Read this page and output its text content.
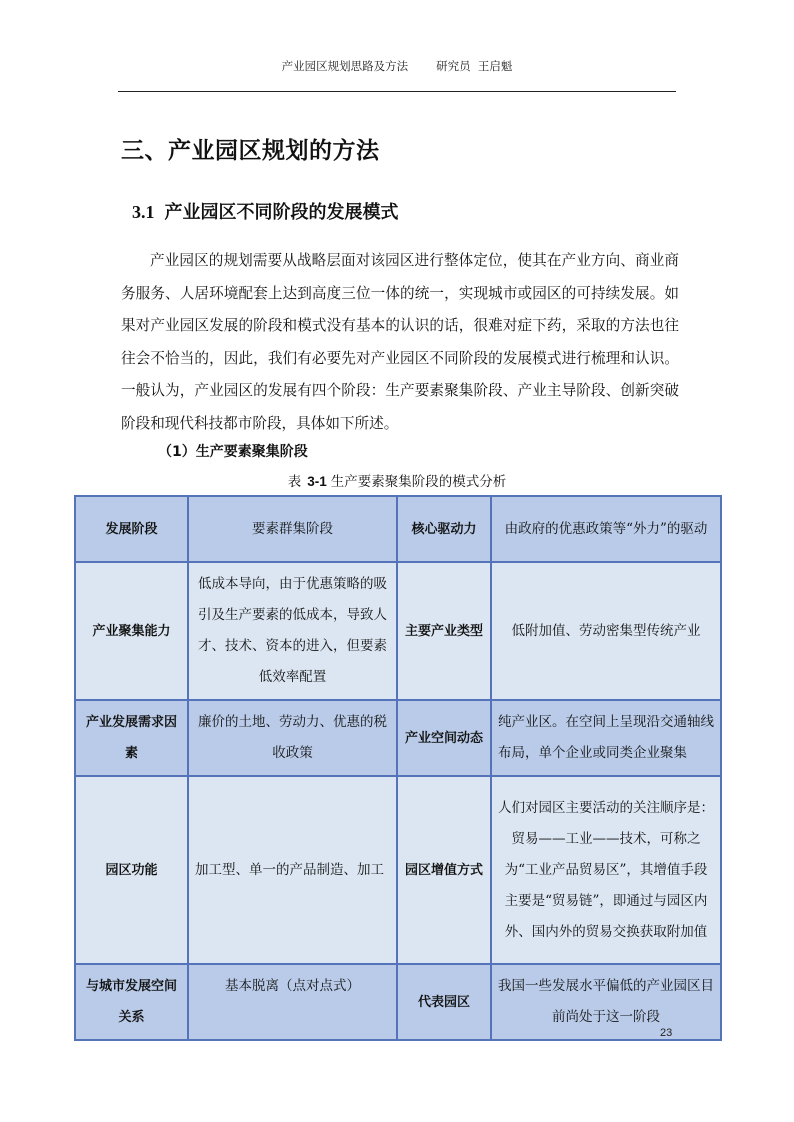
产业园区规划思路及方法 研究员  王启魁
三、产业园区规划的方法
3.1 产业园区不同阶段的发展模式

产业园区的规划需要从战略层面对该园区进行整体定位，使其在产业方向、商业商务服务、人居环境配套上达到高度三位一体的统一，实现城市或园区的可持续发展。如果对产业园区发展的阶段和模式没有基本的认识的话，很难对症下药，采取的方法也往往会不恰当的，因此，我们有必要先对产业园区不同阶段的发展模式进行梳理和认识。一般认为，产业园区的发展有四个阶段：生产要素聚集阶段、产业主导阶段、创新突破阶段和现代科技都市阶段，具体如下所述。

（1）生产要素聚集阶段
表 3-1 生产要素聚集阶段的模式分析
发展阶段	要素群集阶段	核心驱动力	由政府的优惠政策等“外力”的驱动
产业聚集能力	低成本导向，由于优惠策略的吸引及生产要素的低成本，导致人才、技术、资本的进入，但要素低效率配置	主要产业类型	低附加值、劳动密集型传统产业
产业发展需求因素	廉价的土地、劳动力、优惠的税收政策	产业空间动态	纯产业区。在空间上呈现沿交通轴线布局，单个企业或同类企业聚集
园区功能	加工型、单一的产品制造、加工	园区增值方式	人们对园区主要活动的关注顺序是：贸易——工业——技术，可称之为“工业产品贸易区”，其增值手段主要是“贸易链”，即通过与园区内外、国内外的贸易交换获取附加值
与城市发展空间关系	基本脱离（点对点式）	代表园区	我国一些发展水平偏低的产业园区目前尚处于这一阶段
23
